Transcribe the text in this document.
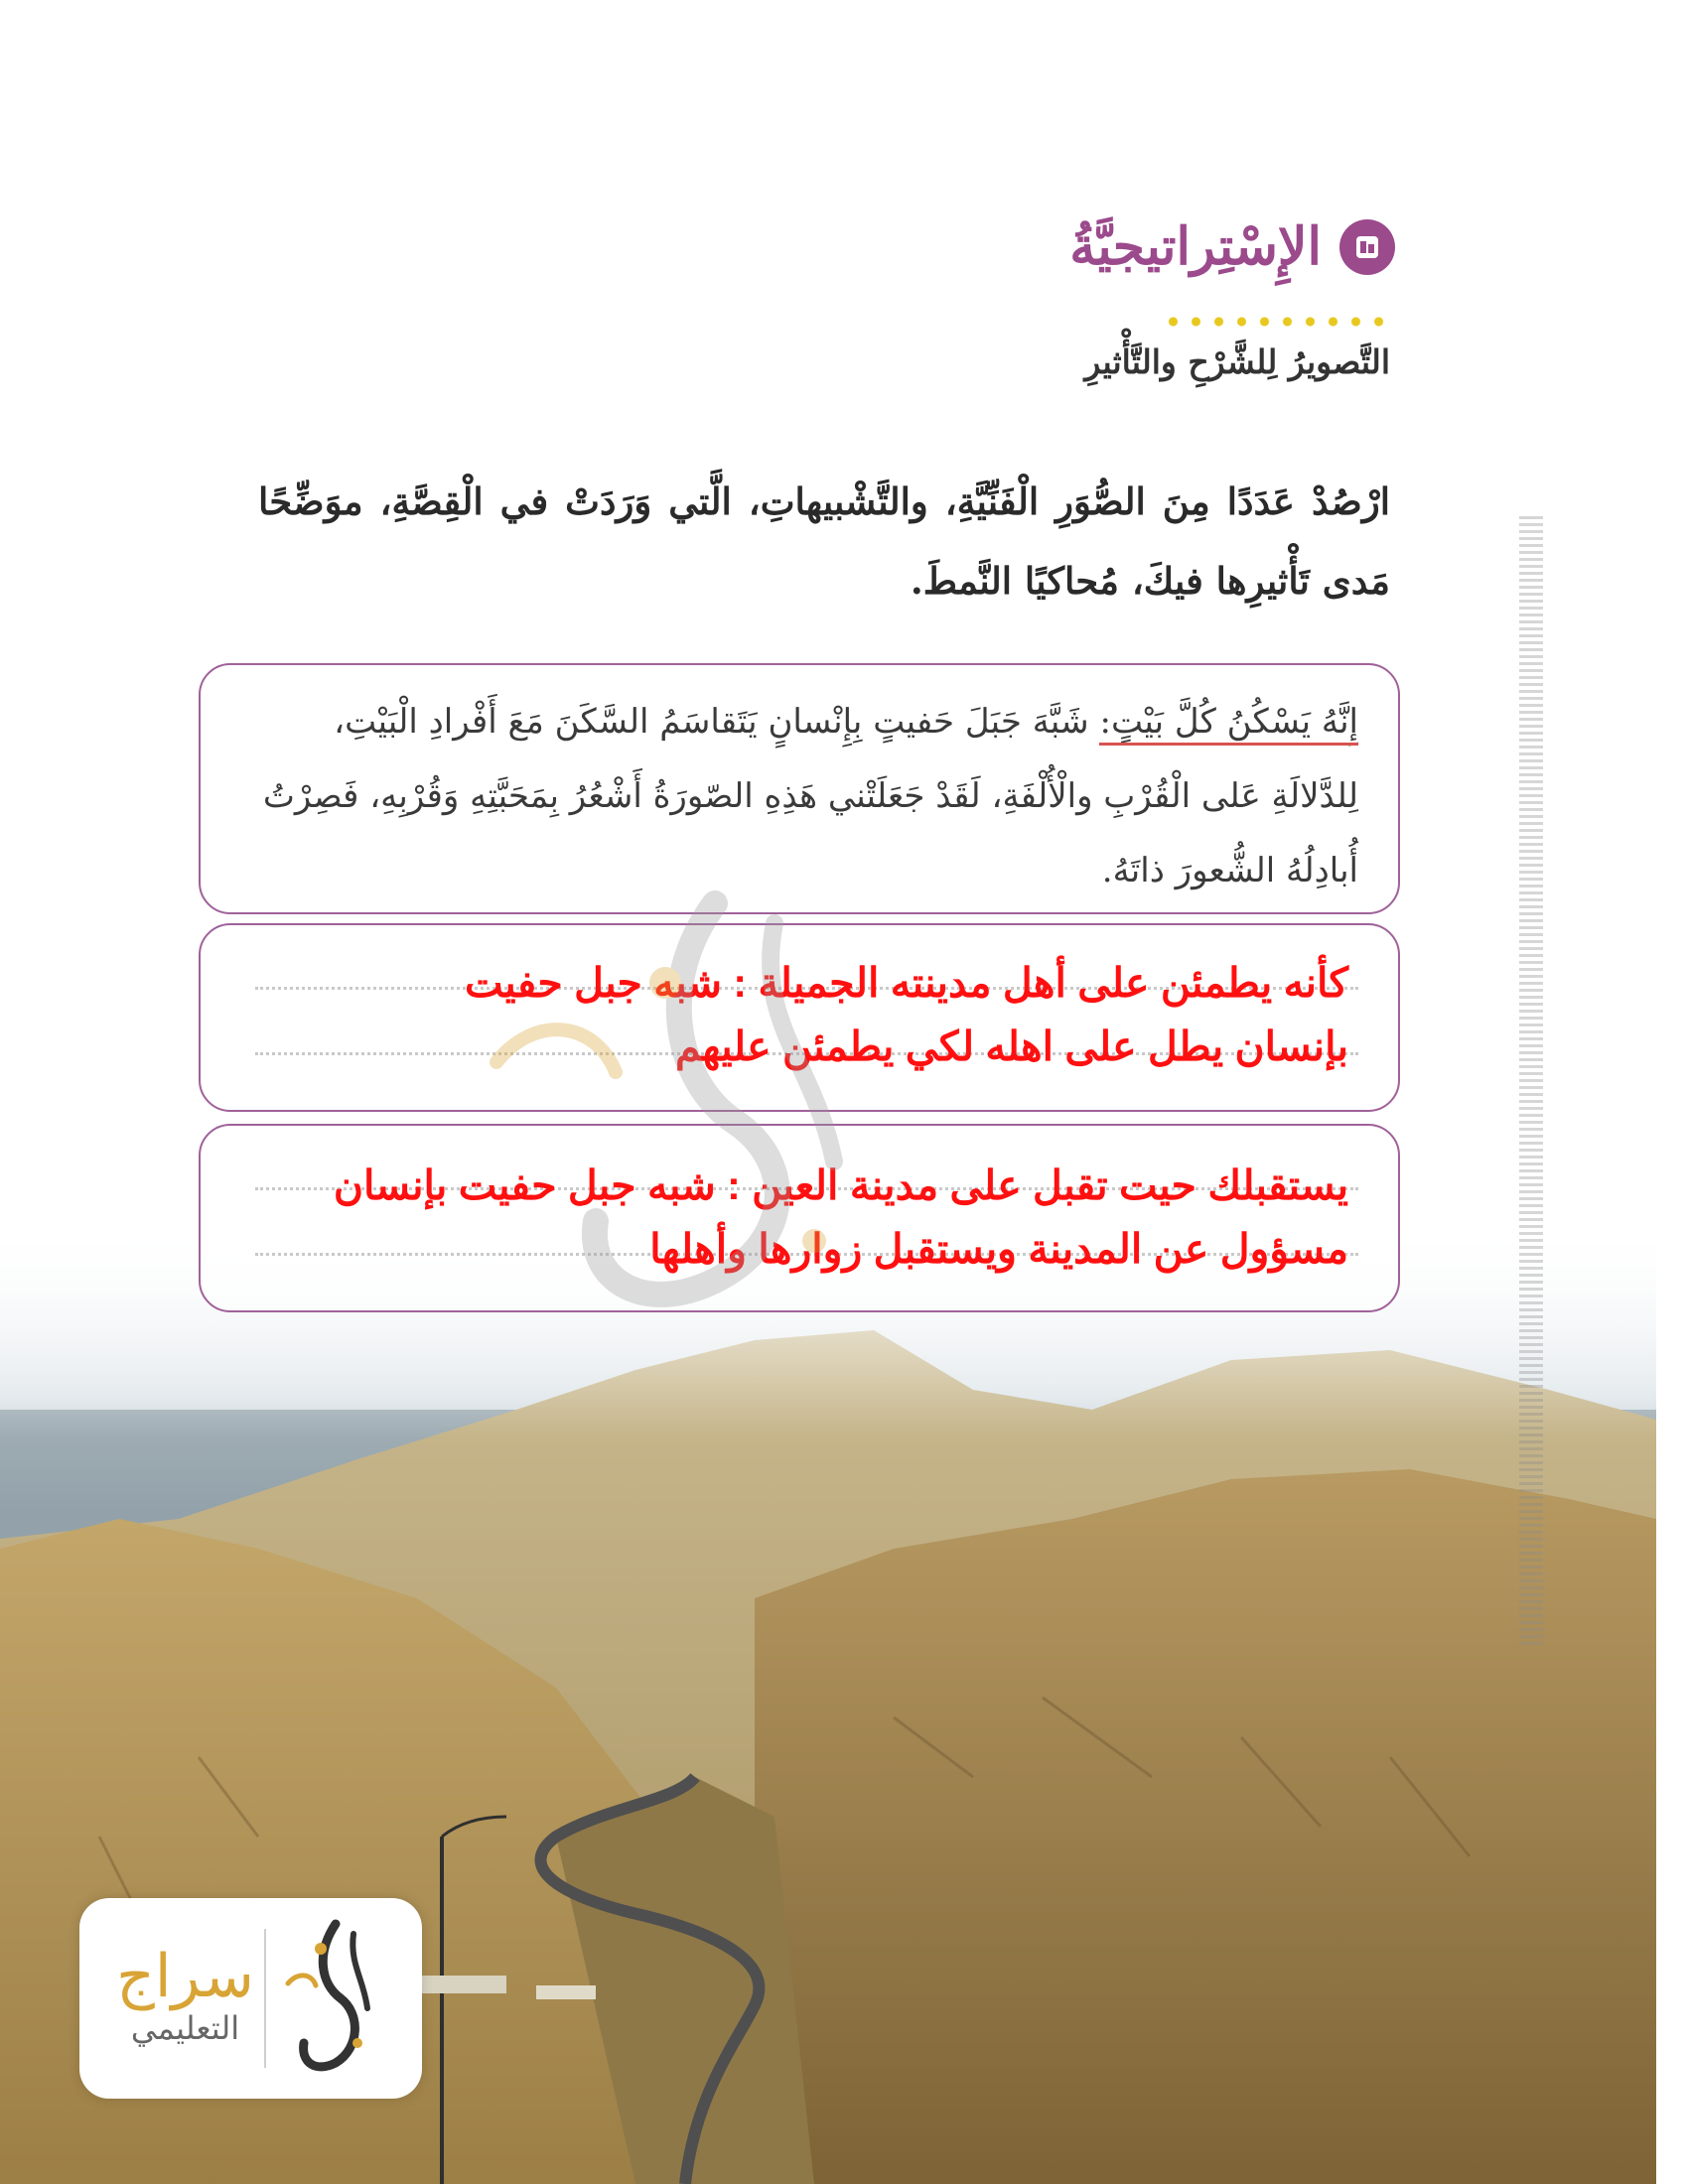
الإِسْتِراتيجيَّةُ
التَّصويرُ لِلشَّرْحِ والتَّأْثيرِ
ارْصُدْ عَدَدًا مِنَ الصُّوَرِ الْفَنِّيَّةِ، والتَّشْبيهاتِ، الَّتي وَرَدَتْ في الْقِصَّةِ، موَضِّحًا مَدى تَأْثيرِها فيكَ، مُحاكيًا النَّمطَ.
إِنَّهُ يَسْكُنُ كُلَّ بَيْتٍ: شَبَّهَ جَبَلَ حَفيتٍ بِإِنْسانٍ يَتَقاسَمُ السَّكَنَ مَعَ أَفْرادِ الْبَيْتِ، لِلدَّلالَةِ عَلى الْقُرْبِ والْأُلْفَةِ، لَقَدْ جَعَلَتْني هَذِهِ الصّورَةُ أَشْعُرُ بِمَحَبَّتِهِ وَقُرْبِهِ، فَصِرْتُ أُبادِلُهُ الشُّعورَ ذاتَهُ.
كأنه يطمئن على أهل مدينته الجميلة : شبه جبل حفيت
بإنسان يطل على اهله لكي يطمئن عليهم
يستقبلك حيت تقبل على مدينة العين : شبه جبل حفيت بإنسان
مسؤول عن المدينة ويستقبل زوارها وأهلها
سراج
التعليمي
